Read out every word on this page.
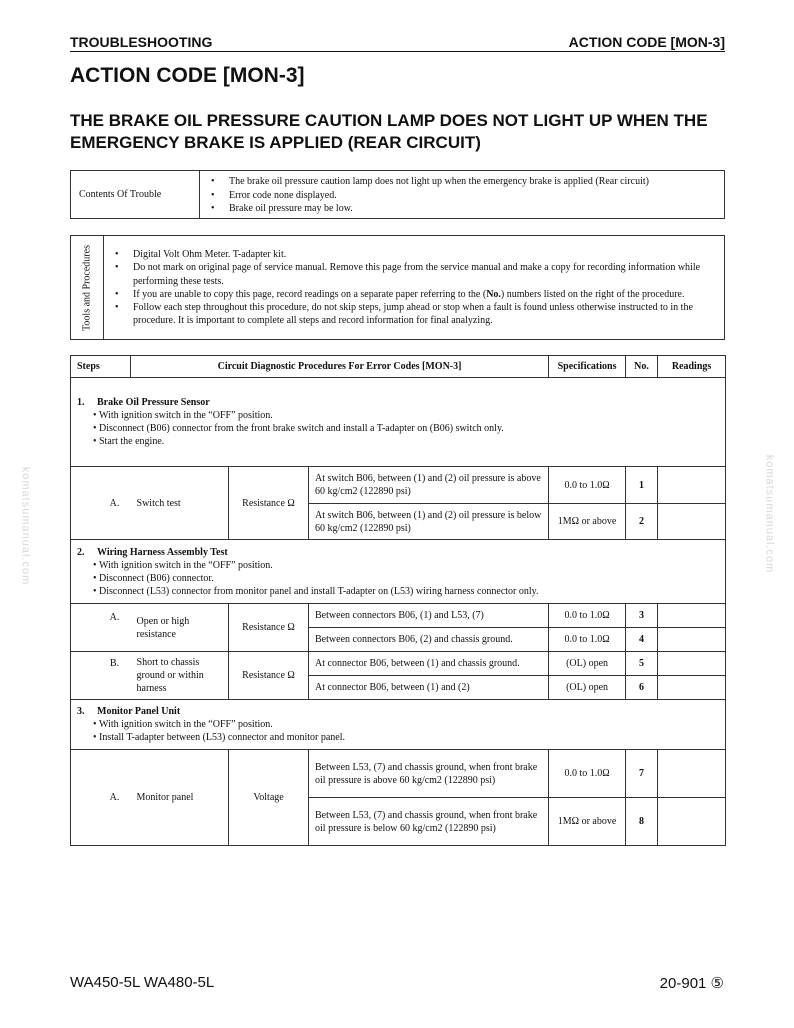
TROUBLESHOOTING	ACTION CODE [MON-3]
ACTION CODE [MON-3]
THE BRAKE OIL PRESSURE CAUTION LAMP DOES NOT LIGHT UP WHEN THE EMERGENCY BRAKE IS APPLIED (REAR CIRCUIT)
Contents Of Trouble
• The brake oil pressure caution lamp does not light up when the emergency brake is applied (Rear circuit)
• Error code none displayed.
• Brake oil pressure may be low.
Tools and Procedures	• Digital Volt Ohm Meter. T-adapter kit.
• Do not mark on original page of service manual. Remove this page from the service manual and make a copy for recording information while performing these tests.
• If you are unable to copy this page, record readings on a separate paper referring to the (No.) numbers listed on the right of the procedure.
• Follow each step throughout this procedure, do not skip steps, jump ahead or stop when a fault is found unless otherwise instructed to in the procedure. It is important to complete all steps and record information for final analyzing.
Steps		Circuit Diagnostic Procedures For Error Codes [MON-3]			Specifications	No.	Readings

1. Brake Oil Pressure Sensor
• With ignition switch in the “OFF” position.
• Disconnect (B06) connector from the front brake switch and install a T-adapter on (B06) switch only.
• Start the engine.

	A.	Switch test	Resistance Ω	At switch B06, between (1) and (2) oil pressure is above 60 kg/cm2 (122890 psi)	0.0 to 1.0Ω	1	
				At switch B06, between (1) and (2) oil pressure is below 60 kg/cm2 (122890 psi)	1MΩ or above	2	

2. Wiring Harness Assembly Test
• With ignition switch in the “OFF” position.
• Disconnect (B06) connector.
• Disconnect (L53) connector from monitor panel and install T-adapter on (L53) wiring harness connector only.

	A.	Open or high resistance	Resistance Ω	Between connectors B06, (1) and L53, (7)	0.0 to 1.0Ω	3	
				Between connectors B06, (2) and chassis ground.	0.0 to 1.0Ω	4	
	B.	Short to chassis ground or within harness	Resistance Ω	At connector B06, between (1) and chassis ground.	(OL) open	5	
				At connector B06, between (1) and (2)	(OL) open	6	

3. Monitor Panel Unit
• With ignition switch in the “OFF” position.
• Install T-adapter between (L53) connector and monitor panel.

	A.	Monitor panel	Voltage	Between L53, (7) and chassis ground, when front brake oil pressure is above 60 kg/cm2 (122890 psi)	0.0 to 1.0Ω	7	
				Between L53, (7) and chassis ground, when front brake oil pressure is below 60 kg/cm2 (122890 psi)	1MΩ or above	8	
komatsumanual.com	komatsumanual.com
WA450-5L WA480-5L	20-901 ⑤
